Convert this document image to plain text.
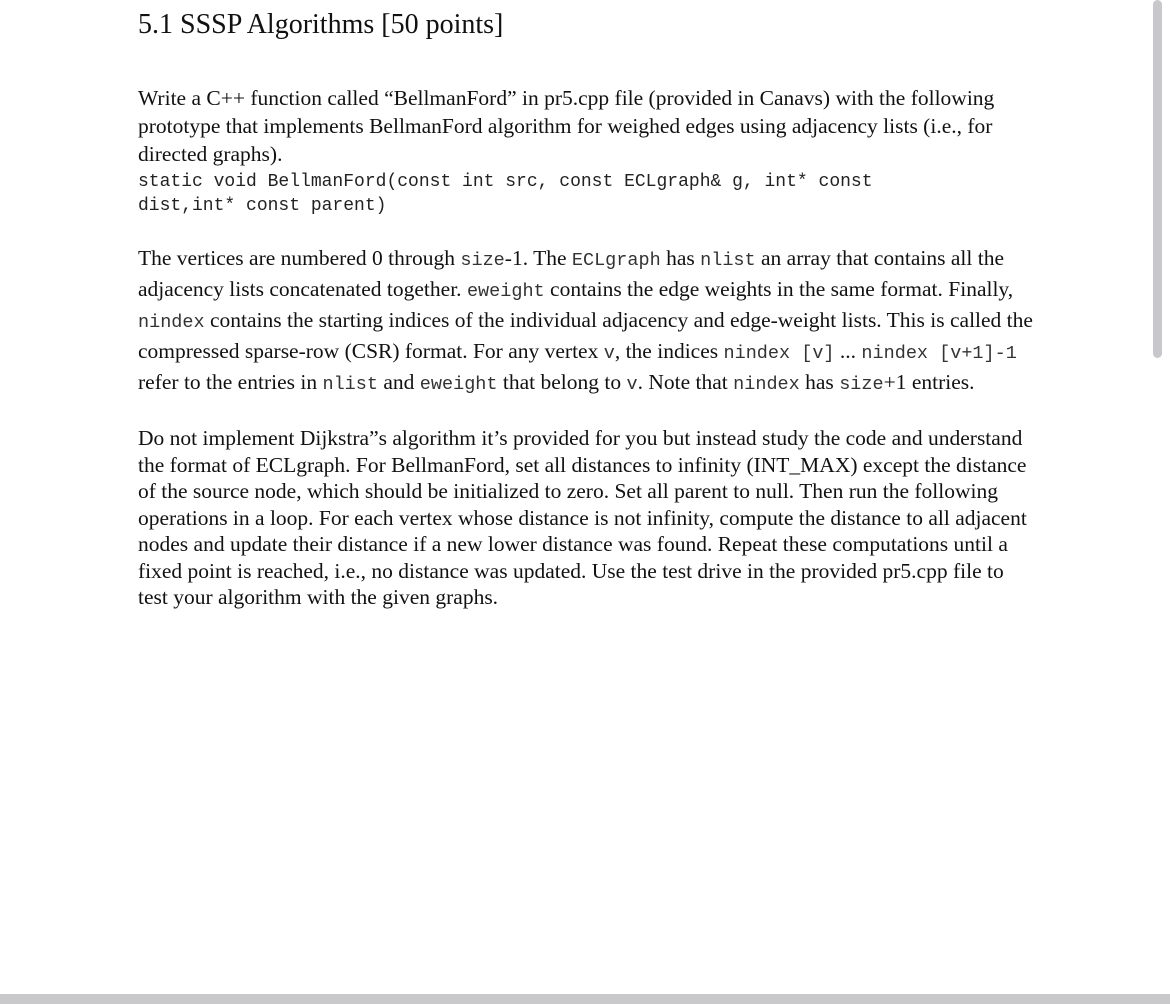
5.1 SSSP Algorithms [50 points]

Write a C++ function called “BellmanFord” in pr5.cpp file (provided in Canavs) with the following prototype that implements BellmanFord algorithm for weighed edges using adjacency lists (i.e., for directed graphs).

static void BellmanFord(const int src, const ECLgraph& g, int* const
dist,int* const parent)

The vertices are numbered 0 through size-1. The ECLgraph has nlist an array that contains all the adjacency lists concatenated together. eweight contains the edge weights in the same format. Finally, nindex contains the starting indices of the individual adjacency and edge-weight lists. This is called the compressed sparse-row (CSR) format. For any vertex v, the indices nindex [v] ... nindex [v+1]-1 refer to the entries in nlist and eweight that belong to v. Note that nindex has size+1 entries.

Do not implement Dijkstra”s algorithm it’s provided for you but instead study the code and understand the format of ECLgraph. For BellmanFord, set all distances to infinity (INT_MAX) except the distance of the source node, which should be initialized to zero. Set all parent to null. Then run the following operations in a loop. For each vertex whose distance is not infinity, compute the distance to all adjacent nodes and update their distance if a new lower distance was found. Repeat these computations until a fixed point is reached, i.e., no distance was updated. Use the test drive in the provided pr5.cpp file to test your algorithm with the given graphs.
